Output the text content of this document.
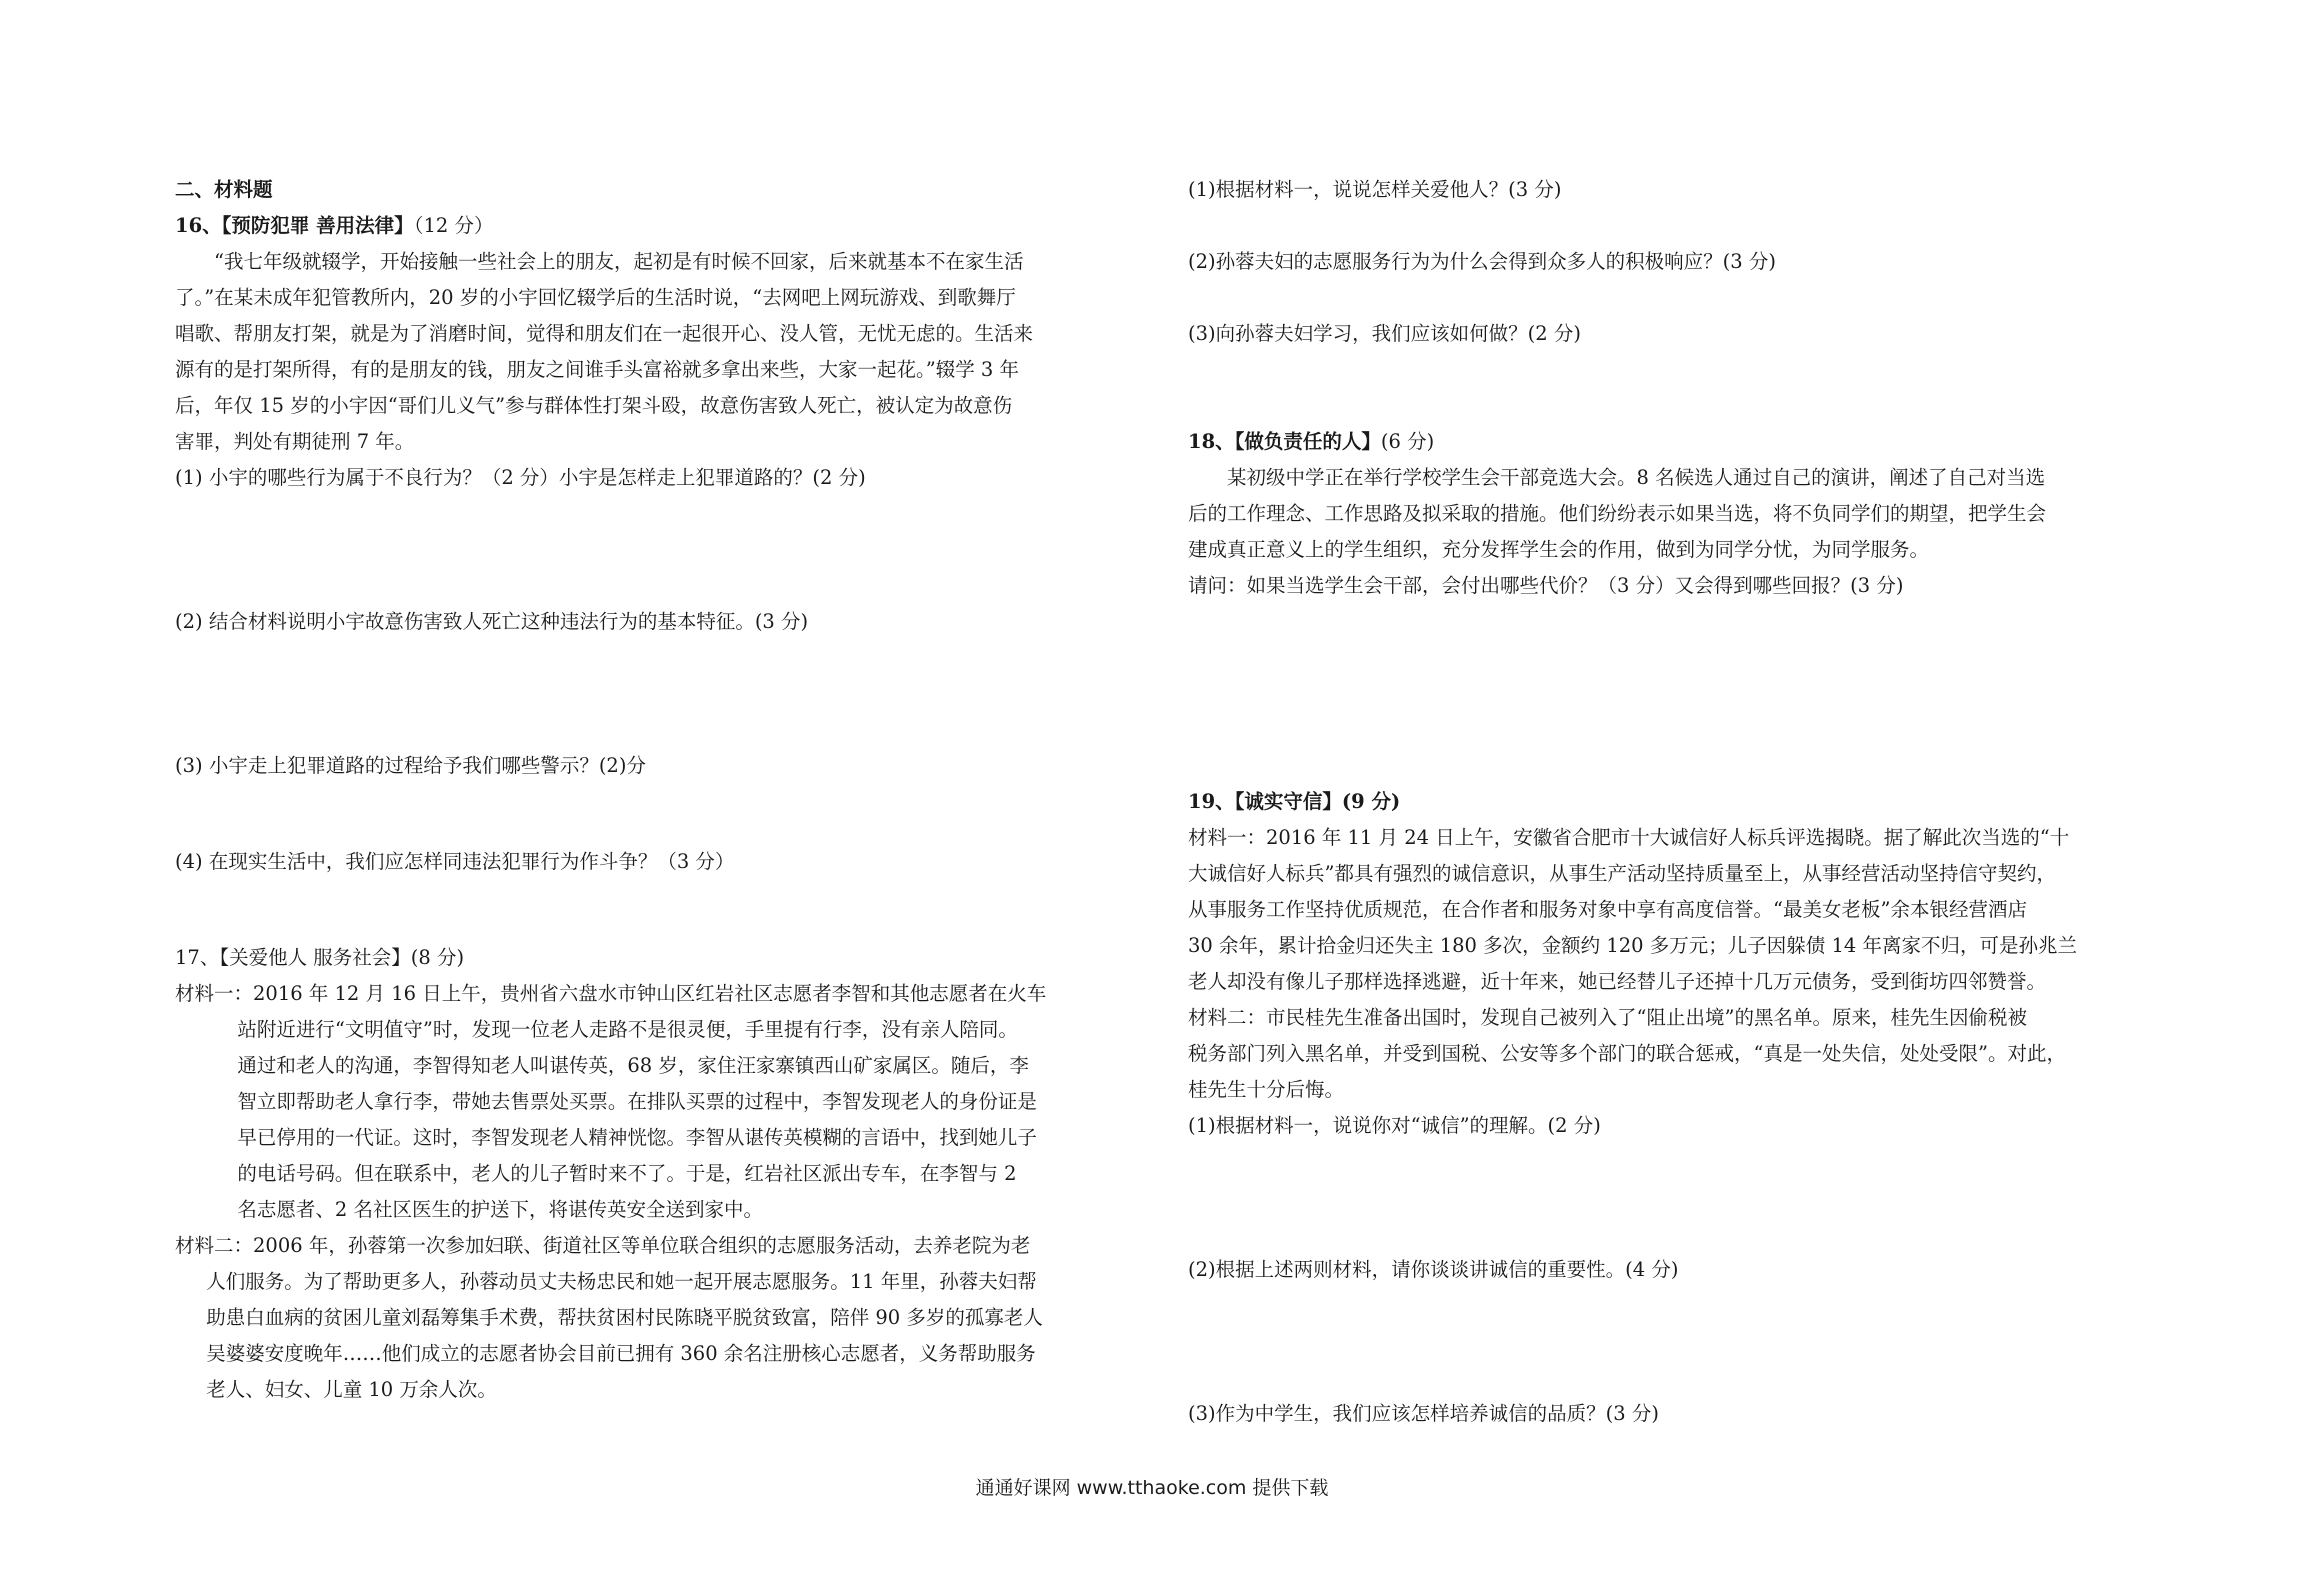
二、材料题
16、【预防犯罪 善用法律】（12 分）
“我七年级就辍学，开始接触一些社会上的朋友，起初是有时候不回家，后来就基本不在家生活
了。”在某未成年犯管教所内，20 岁的小宇回忆辍学后的生活时说，“去网吧上网玩游戏、到歌舞厅
唱歌、帮朋友打架，就是为了消磨时间，觉得和朋友们在一起很开心、没人管，无忧无虑的。生活来
源有的是打架所得，有的是朋友的钱，朋友之间谁手头富裕就多拿出来些，大家一起花。”辍学 3 年
后，年仅 15 岁的小宇因“哥们儿义气”参与群体性打架斗殴，故意伤害致人死亡，被认定为故意伤
害罪，判处有期徒刑 7 年。
(1) 小宇的哪些行为属于不良行为？（2 分）小宇是怎样走上犯罪道路的？(2 分)
(2) 结合材料说明小宇故意伤害致人死亡这种违法行为的基本特征。(3 分)
(3) 小宇走上犯罪道路的过程给予我们哪些警示？(2)分
(4) 在现实生活中，我们应怎样同违法犯罪行为作斗争？（3 分）
17、【关爱他人 服务社会】(8 分)
材料一：2016 年 12 月 16 日上午，贵州省六盘水市钟山区红岩社区志愿者李智和其他志愿者在火车
站附近进行“文明值守”时，发现一位老人走路不是很灵便，手里提有行李，没有亲人陪同。
通过和老人的沟通，李智得知老人叫谌传英，68 岁，家住汪家寨镇西山矿家属区。随后，李
智立即帮助老人拿行李，带她去售票处买票。在排队买票的过程中，李智发现老人的身份证是
早已停用的一代证。这时，李智发现老人精神恍惚。李智从谌传英模糊的言语中，找到她儿子
的电话号码。但在联系中，老人的儿子暂时来不了。于是，红岩社区派出专车，在李智与 2
名志愿者、2 名社区医生的护送下，将谌传英安全送到家中。
材料二：2006 年，孙蓉第一次参加妇联、街道社区等单位联合组织的志愿服务活动，去养老院为老
人们服务。为了帮助更多人，孙蓉动员丈夫杨忠民和她一起开展志愿服务。11 年里，孙蓉夫妇帮
助患白血病的贫困儿童刘磊筹集手术费，帮扶贫困村民陈晓平脱贫致富，陪伴 90 多岁的孤寡老人
吴婆婆安度晚年……他们成立的志愿者协会目前已拥有 360 余名注册核心志愿者，义务帮助服务
老人、妇女、儿童 10 万余人次。
(1)根据材料一，说说怎样关爱他人？(3 分)
(2)孙蓉夫妇的志愿服务行为为什么会得到众多人的积极响应？(3 分)
(3)向孙蓉夫妇学习，我们应该如何做？(2 分)
18、【做负责任的人】(6 分)
某初级中学正在举行学校学生会干部竞选大会。8 名候选人通过自己的演讲，阐述了自己对当选
后的工作理念、工作思路及拟采取的措施。他们纷纷表示如果当选，将不负同学们的期望，把学生会
建成真正意义上的学生组织，充分发挥学生会的作用，做到为同学分忧，为同学服务。
请问：如果当选学生会干部，会付出哪些代价？（3 分）又会得到哪些回报？(3 分)
19、【诚实守信】(9 分)
材料一：2016 年 11 月 24 日上午，安徽省合肥市十大诚信好人标兵评选揭晓。据了解此次当选的“十
大诚信好人标兵”都具有强烈的诚信意识，从事生产活动坚持质量至上，从事经营活动坚持信守契约，
从事服务工作坚持优质规范，在合作者和服务对象中享有高度信誉。“最美女老板”余本银经营酒店
30 余年，累计拾金归还失主 180 多次，金额约 120 多万元；儿子因躲债 14 年离家不归，可是孙兆兰
老人却没有像儿子那样选择逃避，近十年来，她已经替儿子还掉十几万元债务，受到街坊四邻赞誉。
材料二：市民桂先生准备出国时，发现自己被列入了“阻止出境”的黑名单。原来，桂先生因偷税被
税务部门列入黑名单，并受到国税、公安等多个部门的联合惩戒，“真是一处失信，处处受限”。对此，
桂先生十分后悔。
(1)根据材料一，说说你对“诚信”的理解。(2 分)
(2)根据上述两则材料，请你谈谈讲诚信的重要性。(4 分)
(3)作为中学生，我们应该怎样培养诚信的品质？(3 分)
通通好课网 www.tthaoke.com 提供下载
